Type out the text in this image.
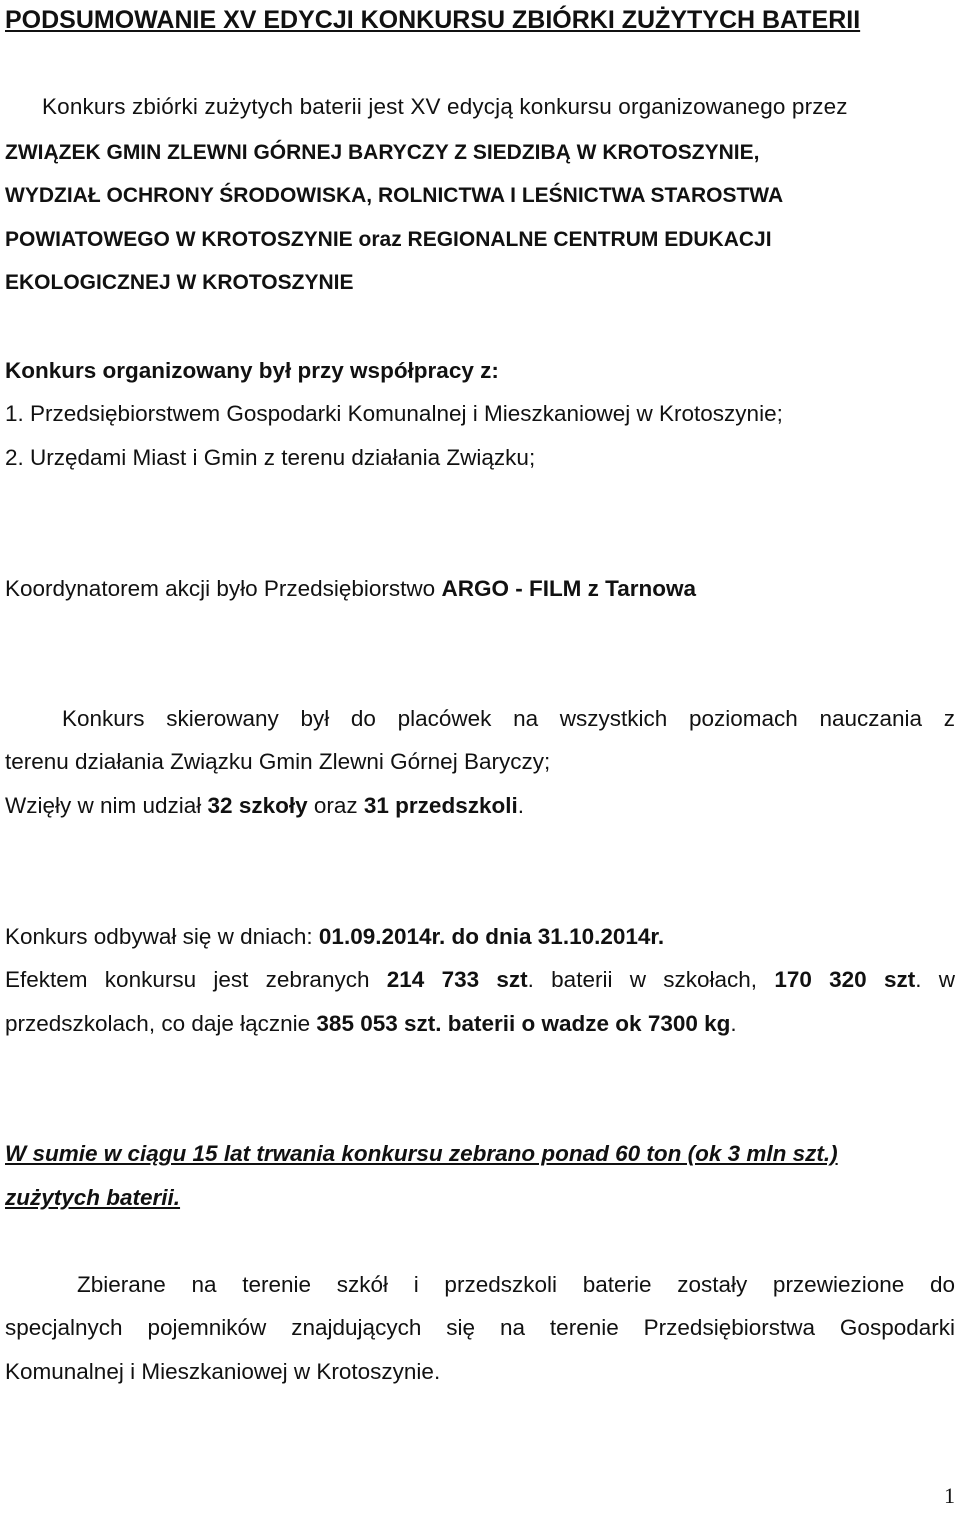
PODSUMOWANIE XV EDYCJI KONKURSU ZBIÓRKI ZUŻYTYCH BATERII
Konkurs zbiórki zużytych baterii jest XV edycją konkursu organizowanego przez
ZWIĄZEK GMIN ZLEWNI GÓRNEJ BARYCZY Z SIEDZIBĄ W KROTOSZYNIE,
WYDZIAŁ OCHRONY ŚRODOWISKA, ROLNICTWA I LEŚNICTWA STAROSTWA
POWIATOWEGO W KROTOSZYNIE oraz REGIONALNE CENTRUM EDUKACJI
EKOLOGICZNEJ W KROTOSZYNIE
Konkurs organizowany był przy współpracy z:
1. Przedsiębiorstwem Gospodarki Komunalnej i Mieszkaniowej w Krotoszynie;
2. Urzędami Miast i Gmin z terenu działania Związku;
Koordynatorem akcji było Przedsiębiorstwo ARGO - FILM z Tarnowa
Konkurs skierowany był do placówek na wszystkich poziomach nauczania z
terenu działania Związku Gmin Zlewni Górnej Baryczy;
Wzięły w nim udział 32 szkoły oraz 31 przedszkoli.
Konkurs odbywał się w dniach: 01.09.2014r. do dnia 31.10.2014r.
Efektem konkursu jest zebranych 214 733 szt. baterii w szkołach, 170 320 szt. w
przedszkolach, co daje łącznie 385 053 szt. baterii o wadze ok 7300 kg.
W sumie w ciągu 15 lat trwania konkursu zebrano ponad 60 ton (ok 3 mln szt.)
zużytych baterii.
Zbierane na terenie szkół i przedszkoli baterie zostały przewiezione do
specjalnych pojemników znajdujących się na terenie Przedsiębiorstwa Gospodarki
Komunalnej i Mieszkaniowej w Krotoszynie.
1
